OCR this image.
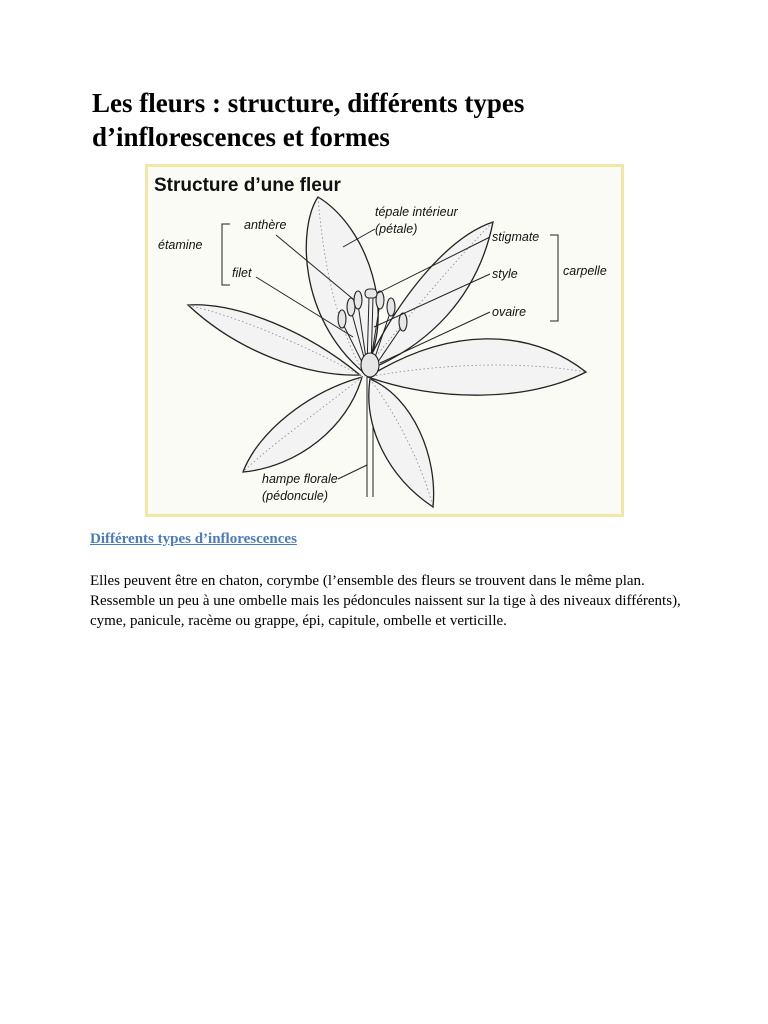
Les fleurs : structure, différents types d’inflorescences et formes
Structure d’une fleur
étamine
anthère
filet
tépale intérieur
(pétale)
stigmate
style
ovaire
carpelle
hampe florale
(pédoncule)

Différents types d’inflorescences

Elles peuvent être en chaton, corymbe (l’ensemble des fleurs se trouvent dans le même plan. Ressemble un peu à une ombelle mais les pédoncules naissent sur la tige à des niveaux différents), cyme, panicule, racème ou grappe, épi, capitule, ombelle et verticille.
